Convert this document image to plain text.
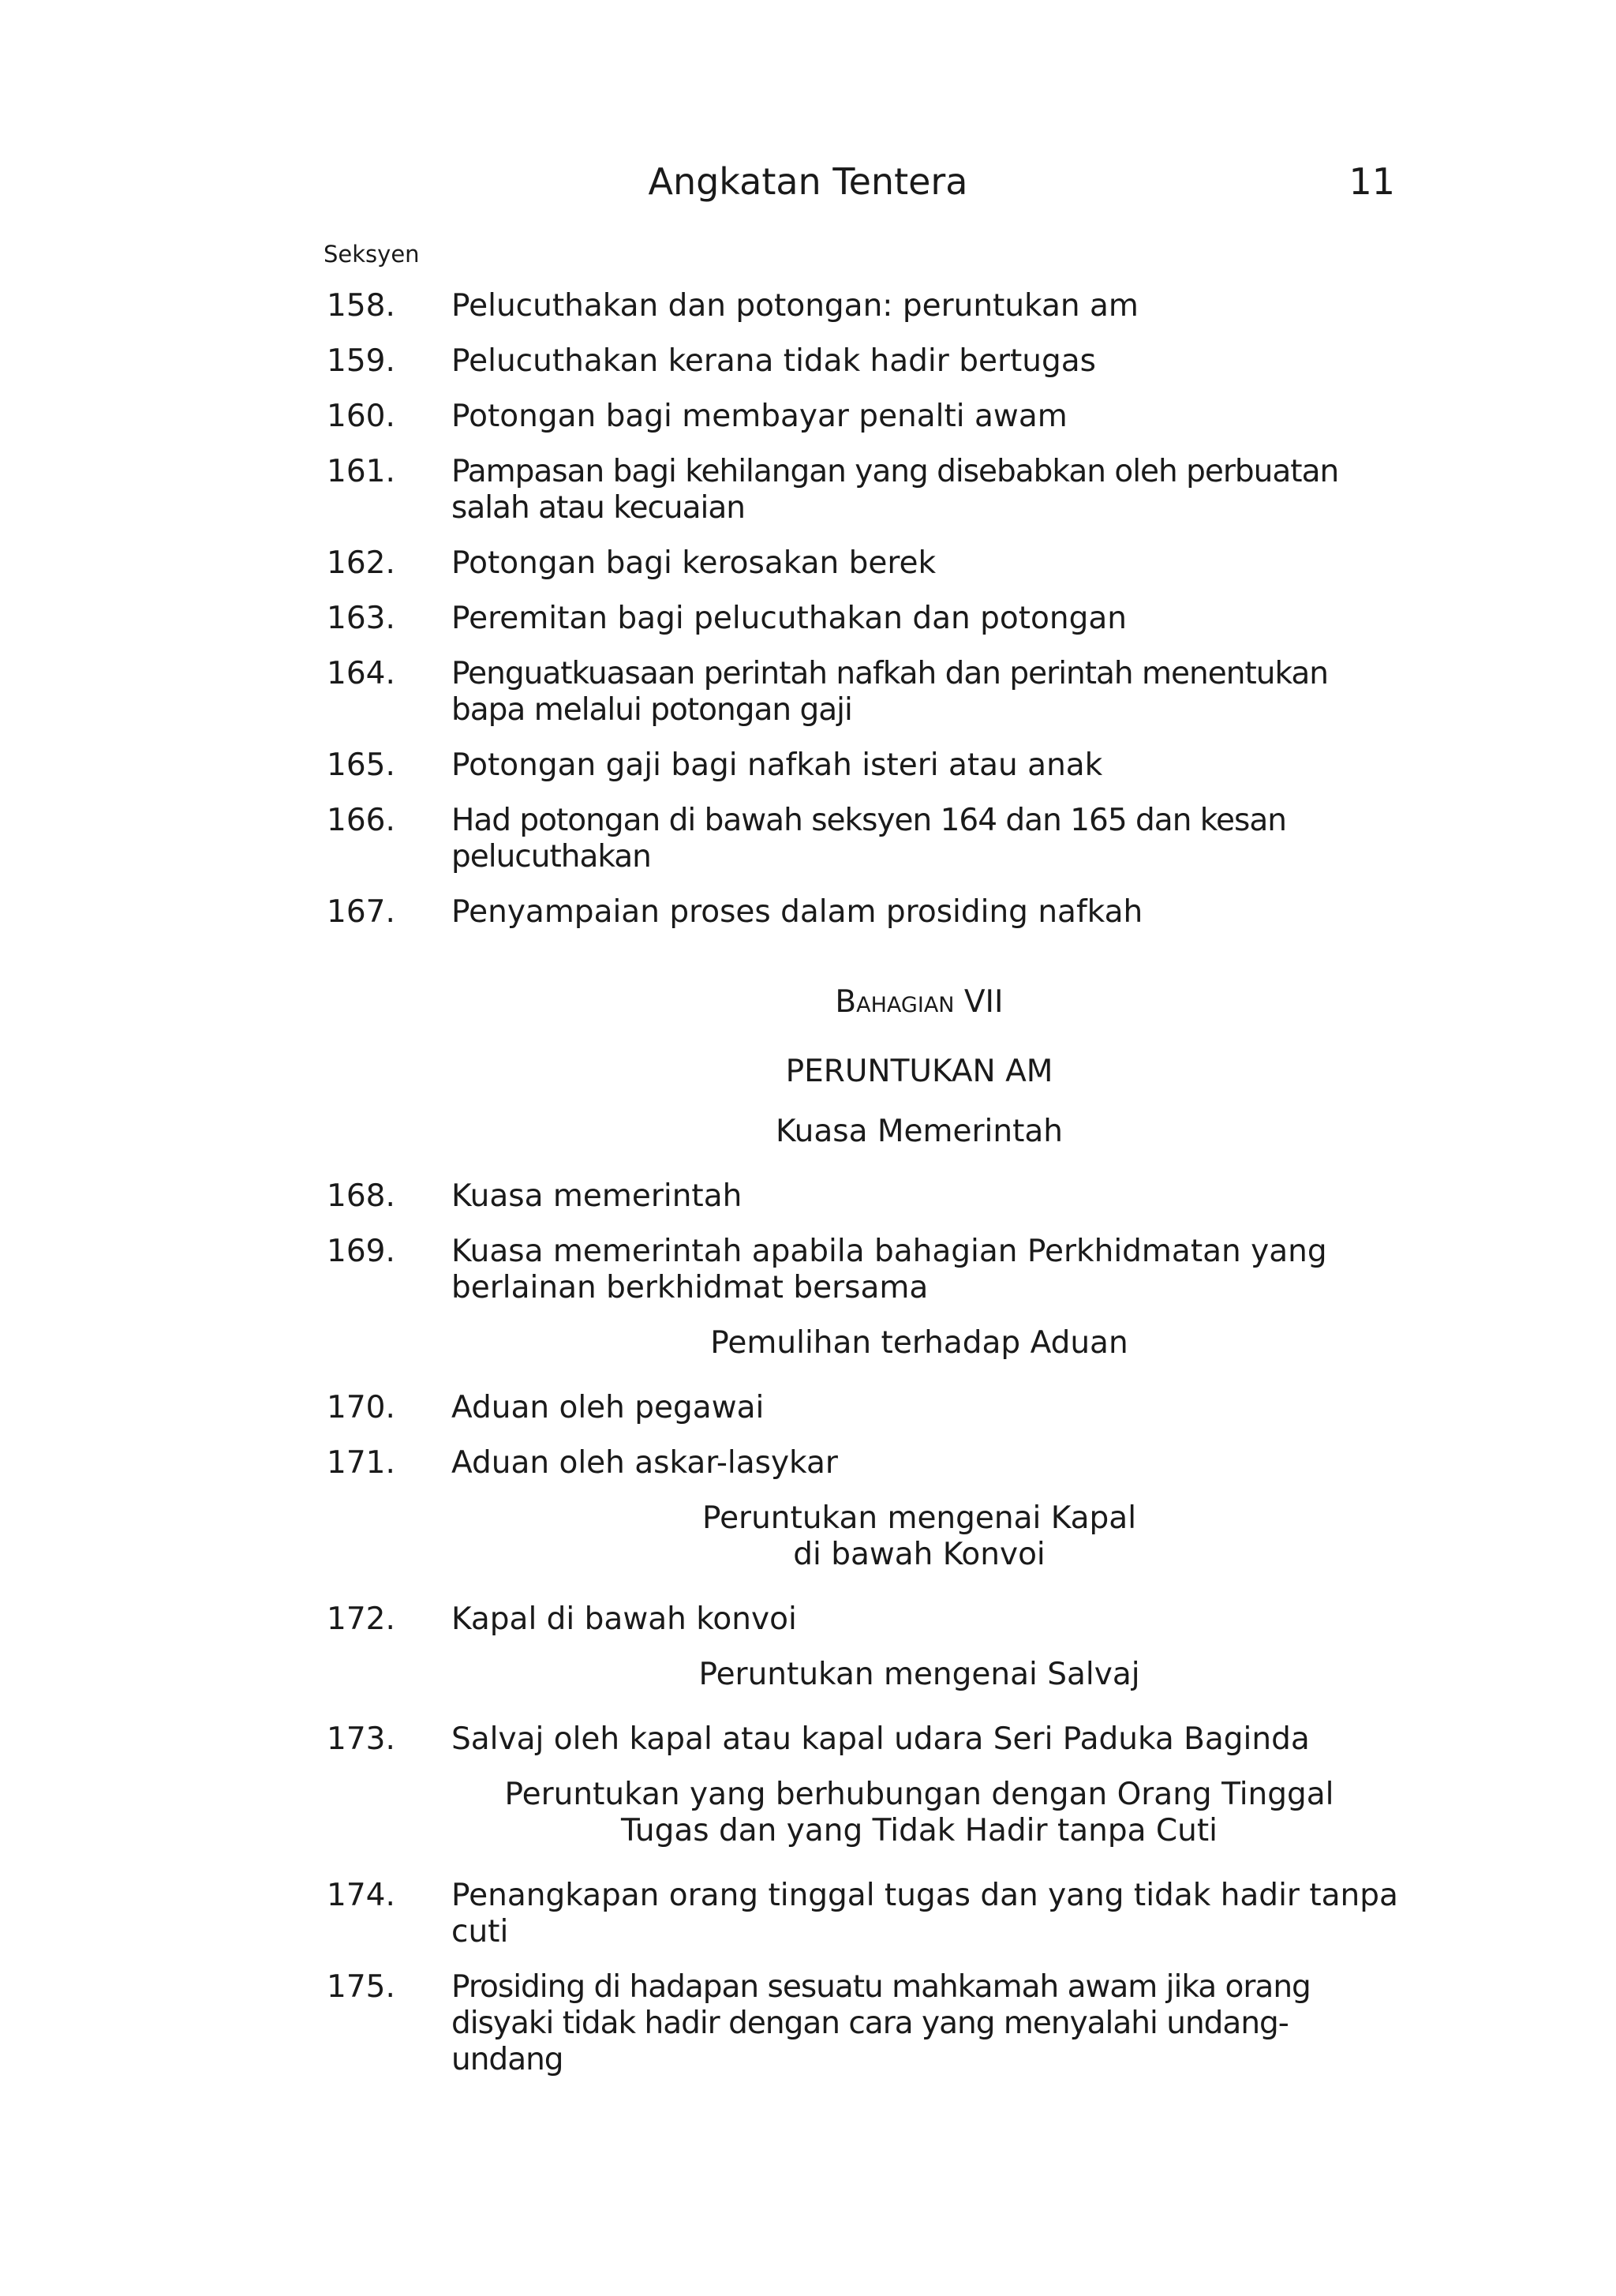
Angkatan Tentera	11
Seksyen
158.	Pelucuthakan dan potongan: peruntukan am
159.	Pelucuthakan kerana tidak hadir bertugas
160.	Potongan bagi membayar penalti awam
161.	Pampasan bagi kehilangan yang disebabkan oleh perbuatan salah atau kecuaian
162.	Potongan bagi kerosakan berek
163.	Peremitan bagi pelucuthakan dan potongan
164.	Penguatkuasaan perintah nafkah dan perintah menentukan bapa melalui potongan gaji
165.	Potongan gaji bagi nafkah isteri atau anak
166.	Had potongan di bawah seksyen 164 dan 165 dan kesan pelucuthakan
167.	Penyampaian proses dalam prosiding nafkah
Bahagian VII
PERUNTUKAN AM
Kuasa Memerintah
168.	Kuasa memerintah
169.	Kuasa memerintah apabila bahagian Perkhidmatan yang berlainan berkhidmat bersama
Pemulihan terhadap Aduan
170.	Aduan oleh pegawai
171.	Aduan oleh askar-lasykar
Peruntukan mengenai Kapal
di bawah Konvoi
172.	Kapal di bawah konvoi
Peruntukan mengenai Salvaj
173.	Salvaj oleh kapal atau kapal udara Seri Paduka Baginda
Peruntukan yang berhubungan dengan Orang Tinggal
Tugas dan yang Tidak Hadir tanpa Cuti
174.	Penangkapan orang tinggal tugas dan yang tidak hadir tanpa cuti
175.	Prosiding di hadapan sesuatu mahkamah awam jika orang disyaki tidak hadir dengan cara yang menyalahi undang-undang
